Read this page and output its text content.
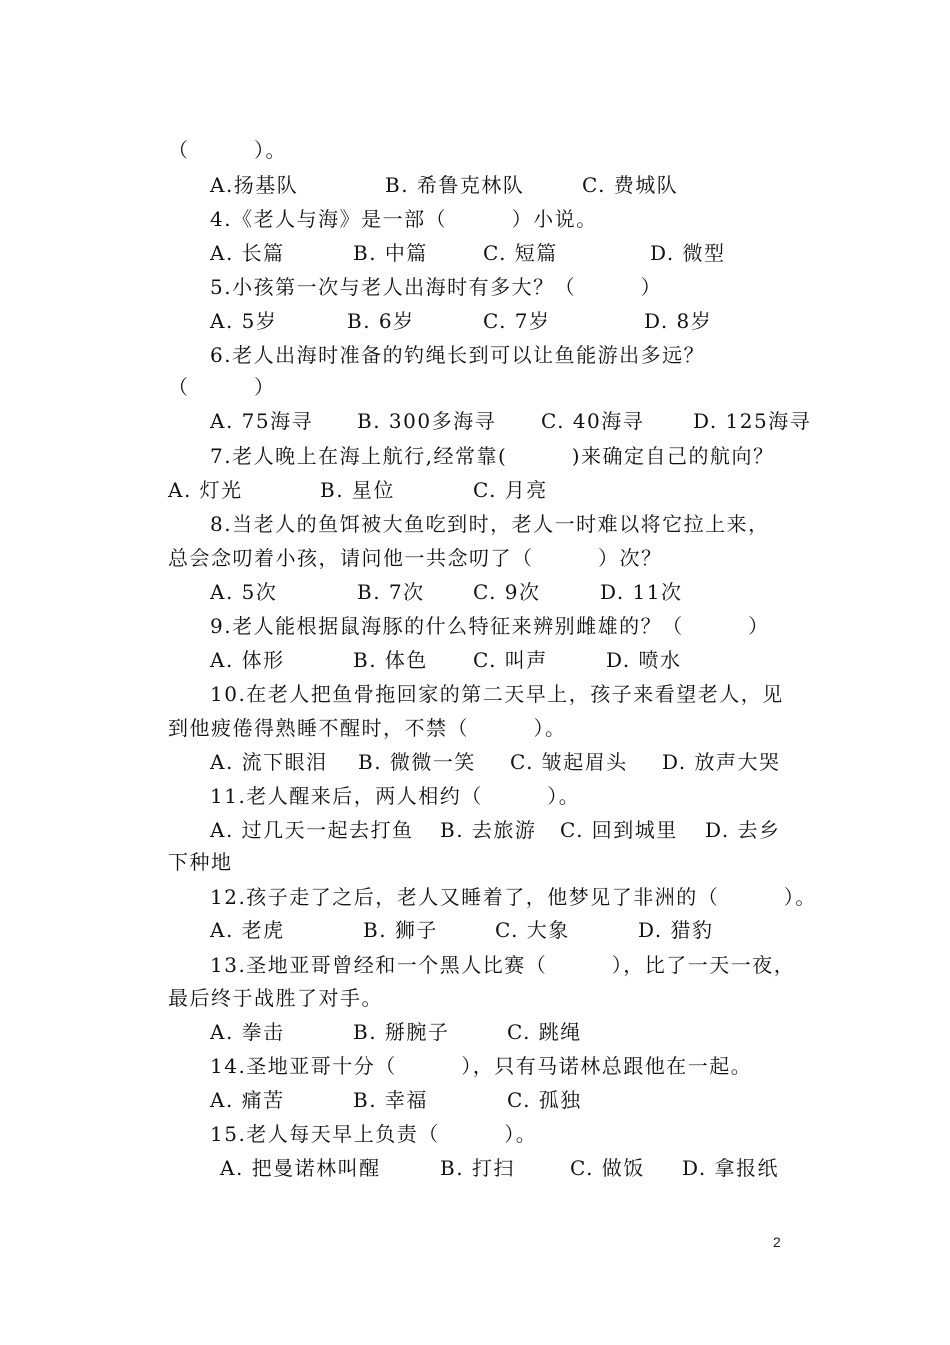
（　　　）。
A.扬基队	B. 希鲁克林队	C. 费城队
4.《老人与海》是一部（　　　）小说。
A. 长篇	B. 中篇	C. 短篇	D. 微型
5.小孩第一次与老人出海时有多大？（　　　）
A. 5岁	B. 6岁	C. 7岁	D. 8岁
6.老人出海时准备的钓绳长到可以让鱼能游出多远？
（　　　）
A. 75海寻 B. 300多海寻 C. 40海寻 D. 125海寻
7.老人晚上在海上航行,经常靠(　　　)来确定自己的航向？
A. 灯光	B. 星位	C. 月亮
8.当老人的鱼饵被大鱼吃到时，老人一时难以将它拉上来，
总会念叨着小孩，请问他一共念叨了（　　　）次？
A. 5次	B. 7次 C. 9次	D. 11次
9.老人能根据鼠海豚的什么特征来辨别雌雄的？（　　　）
A. 体形	B. 体色 C. 叫声	D. 喷水
10.在老人把鱼骨拖回家的第二天早上，孩子来看望老人，见
到他疲倦得熟睡不醒时，不禁（　　　）。
A. 流下眼泪 B. 微微一笑 C. 皱起眉头 D. 放声大哭
11.老人醒来后，两人相约（　　　）。
A. 过几天一起去打鱼 B. 去旅游 C. 回到城里 D. 去乡
下种地
12.孩子走了之后，老人又睡着了，他梦见了非洲的（　　　）。
A. 老虎	B. 狮子	C. 大象	D. 猎豹
13.圣地亚哥曾经和一个黑人比赛（　　　），比了一天一夜，
最后终于战胜了对手。
A. 拳击	B. 掰腕子	C. 跳绳
14.圣地亚哥十分（　　　），只有马诺林总跟他在一起。
A. 痛苦	B. 幸福	C. 孤独
15.老人每天早上负责（　　　）。
A. 把曼诺林叫醒	B. 打扫	C. 做饭 D. 拿报纸
2
